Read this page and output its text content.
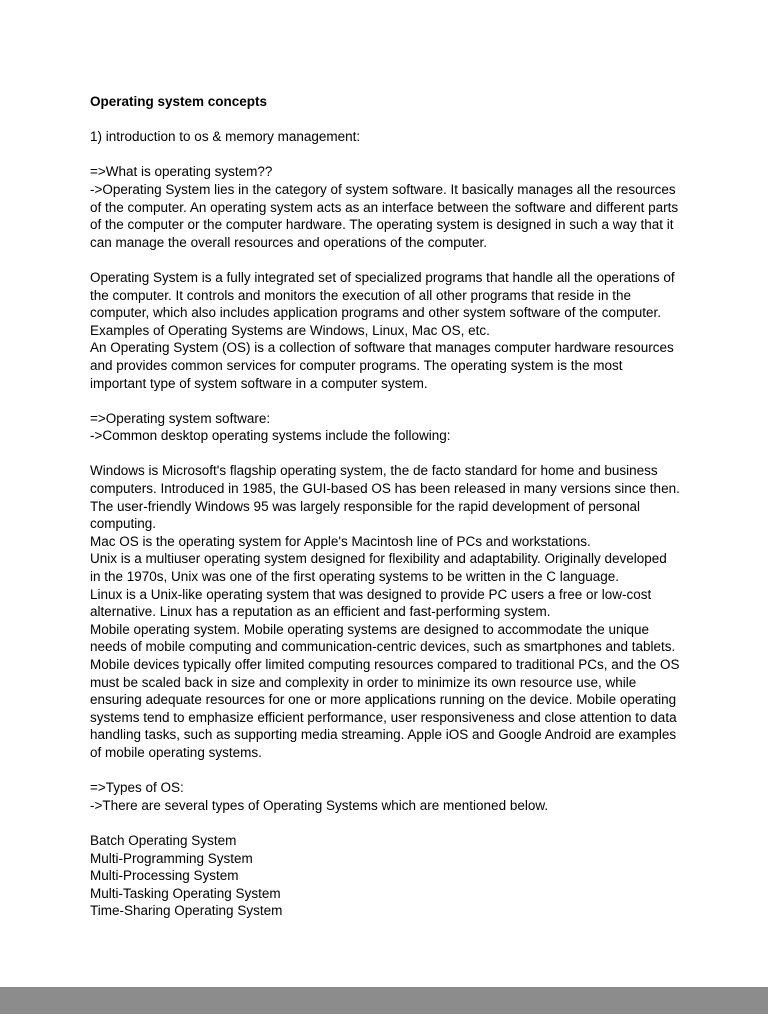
Operating system concepts

1) introduction to os & memory management:

=>What is operating system??

->Operating System lies in the category of system software. It basically manages all the resources of the computer. An operating system acts as an interface between the software and different parts of the computer or the computer hardware. The operating system is designed in such a way that it can manage the overall resources and operations of the computer.

Operating System is a fully integrated set of specialized programs that handle all the operations of the computer. It controls and monitors the execution of all other programs that reside in the computer, which also includes application programs and other system software of the computer.

Examples of Operating Systems are Windows, Linux, Mac OS, etc.

An Operating System (OS) is a collection of software that manages computer hardware resources and provides common services for computer programs. The operating system is the most important type of system software in a computer system.

=>Operating system software:

->Common desktop operating systems include the following:

Windows is Microsoft's flagship operating system, the de facto standard for home and business computers. Introduced in 1985, the GUI-based OS has been released in many versions since then. The user-friendly Windows 95 was largely responsible for the rapid development of personal computing.

Mac OS is the operating system for Apple's Macintosh line of PCs and workstations.

Unix is a multiuser operating system designed for flexibility and adaptability. Originally developed in the 1970s, Unix was one of the first operating systems to be written in the C language.

Linux is a Unix-like operating system that was designed to provide PC users a free or low-cost alternative. Linux has a reputation as an efficient and fast-performing system.

Mobile operating system. Mobile operating systems are designed to accommodate the unique needs of mobile computing and communication-centric devices, such as smartphones and tablets. Mobile devices typically offer limited computing resources compared to traditional PCs, and the OS must be scaled back in size and complexity in order to minimize its own resource use, while ensuring adequate resources for one or more applications running on the device. Mobile operating systems tend to emphasize efficient performance, user responsiveness and close attention to data handling tasks, such as supporting media streaming. Apple iOS and Google Android are examples of mobile operating systems.

=>Types of OS:

->There are several types of Operating Systems which are mentioned below.

Batch Operating System

Multi-Programming System

Multi-Processing System

Multi-Tasking Operating System

Time-Sharing Operating System
